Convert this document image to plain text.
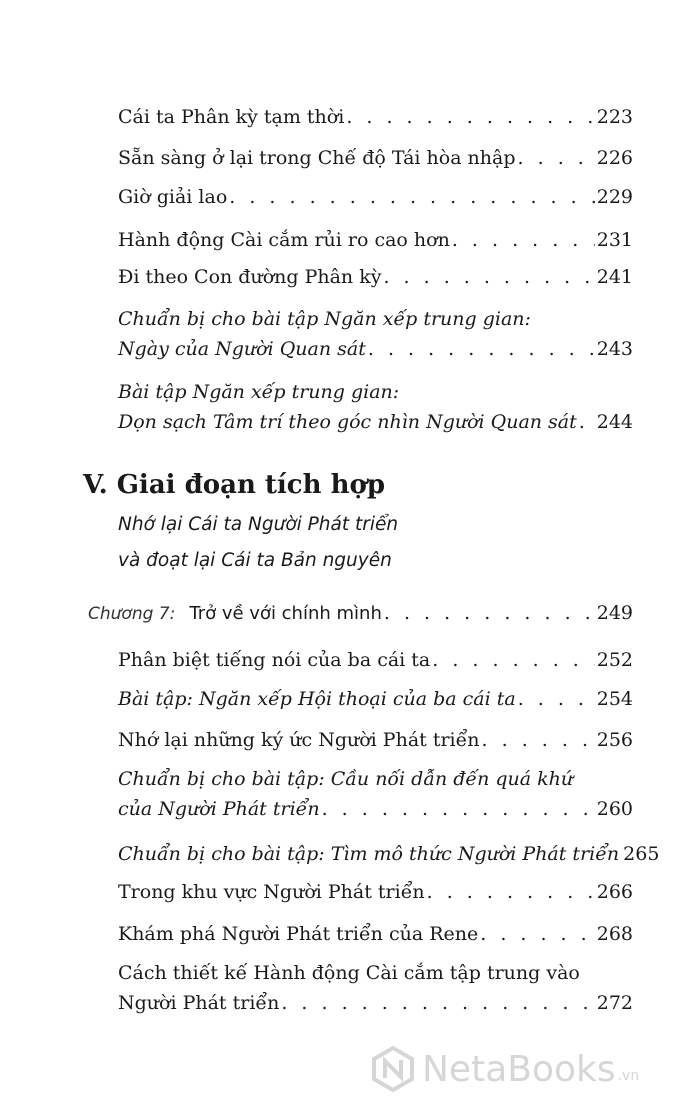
Cái ta Phân kỳ tạm thời . . .	223
Sẵn sàng ở lại trong Chế độ Tái hòa nhập . . .	226
Giờ giải lao . . .	229
Hành động Cài cắm rủi ro cao hơn . . .	231
Đi theo Con đường Phân kỳ . . .	241
Chuẩn bị cho bài tập Ngăn xếp trung gian:
Ngày của Người Quan sát . . .	243
Bài tập Ngăn xếp trung gian:
Dọn sạch Tâm trí theo góc nhìn Người Quan sát . . . 244
V. Giai đoạn tích hợp
Nhớ lại Cái ta Người Phát triển
và đoạt lại Cái ta Bản nguyên
Chương 7: Trở về với chính mình . . .	249
Phân biệt tiếng nói của ba cái ta . . .	252
Bài tập: Ngăn xếp Hội thoại của ba cái ta . . .	254
Nhớ lại những ký ức Người Phát triển . . .	256
Chuẩn bị cho bài tập: Cầu nối dẫn đến quá khứ
của Người Phát triển . . .	260
Chuẩn bị cho bài tập: Tìm mô thức Người Phát triển 265
Trong khu vực Người Phát triển . . .	266
Khám phá Người Phát triển của Rene . . .	268
Cách thiết kế Hành động Cài cắm tập trung vào
Người Phát triển . . .	272
NetaBooks .vn
